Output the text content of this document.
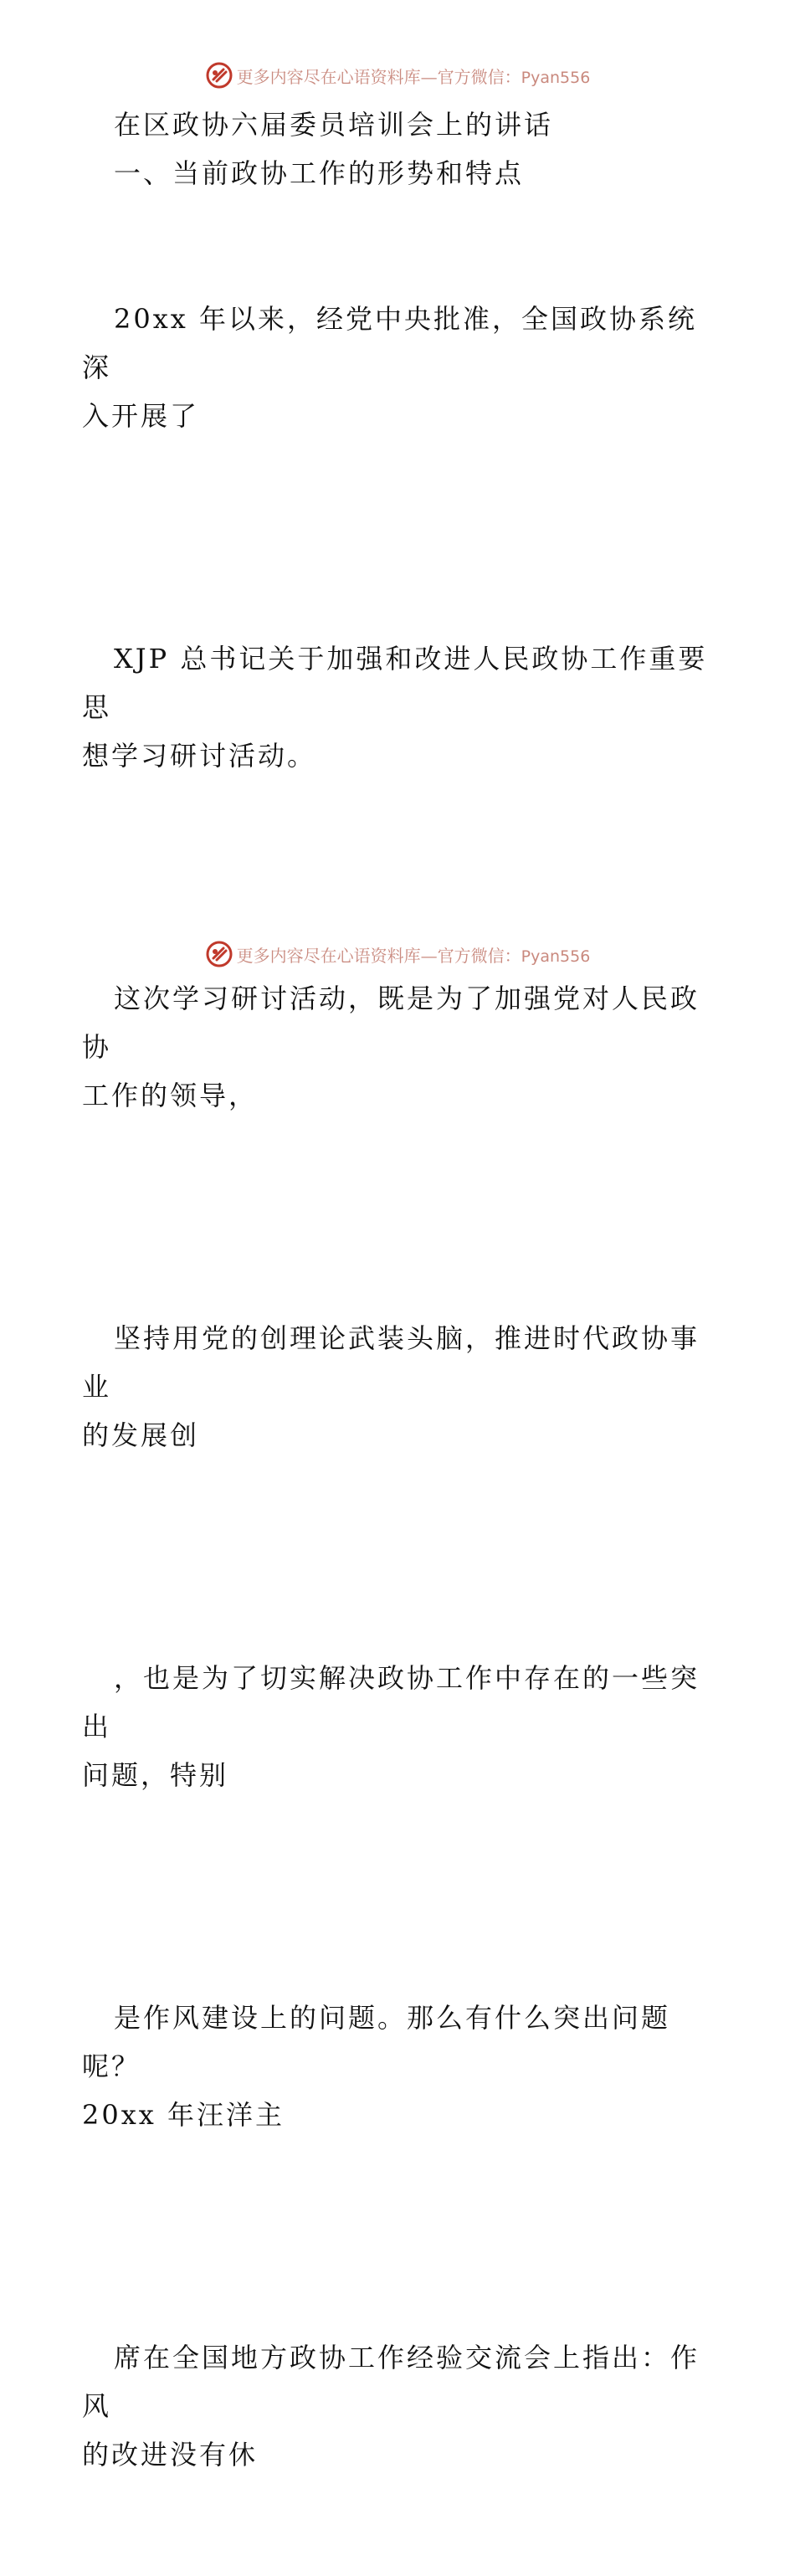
更多内容尽在心语资料库—官方微信：Pyan556

在区政协六届委员培训会上的讲话

一、当前政协工作的形势和特点

20xx 年以来，经党中央批准，全国政协系统深
入开展了

XJP 总书记关于加强和改进人民政协工作重要思
想学习研讨活动。

这次学习研讨活动，既是为了加强党对人民政协
工作的领导，

坚持用党的创理论武装头脑，推进时代政协事业
的发展创

，也是为了切实解决政协工作中存在的一些突出
问题，特别

是作风建设上的问题。那么有什么突出问题呢？
20xx 年汪洋主

席在全国地方政协工作经验交流会上指出：作风
的改进没有休

更多内容尽在心语资料库—官方微信：Pyan556
